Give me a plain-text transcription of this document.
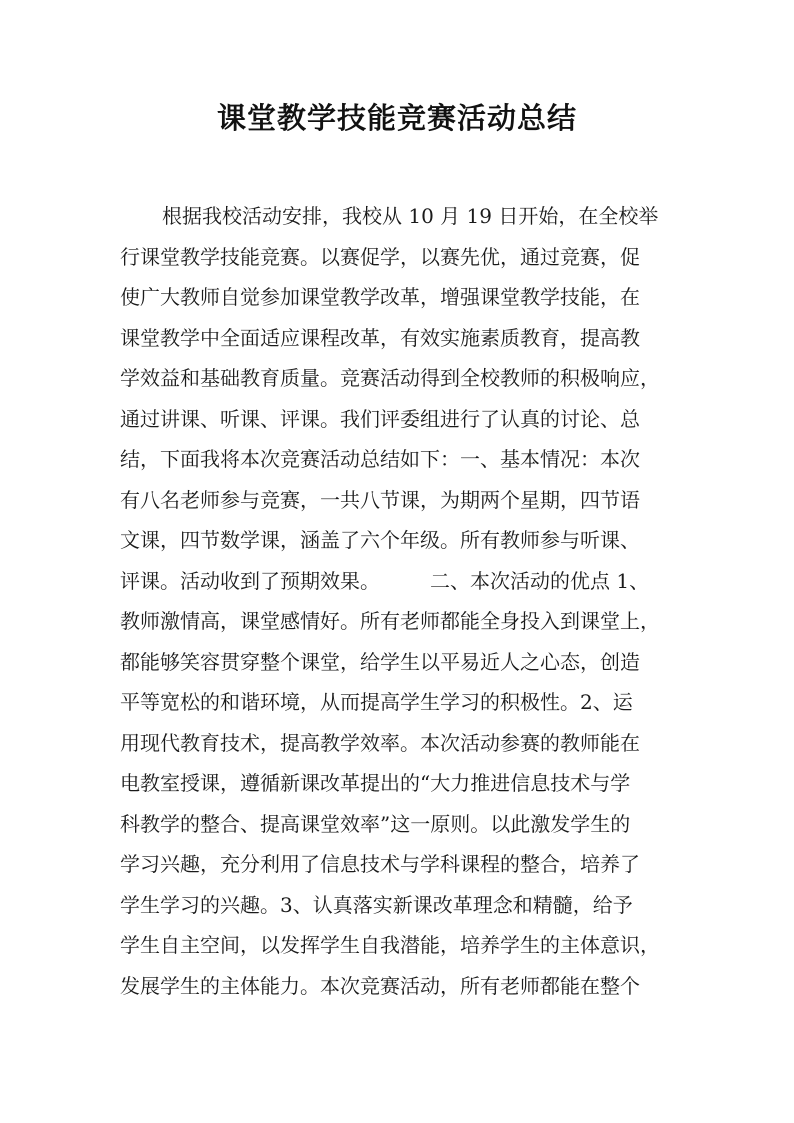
课堂教学技能竞赛活动总结
根据我校活动安排，我校从 10 月 19 日开始，在全校举
行课堂教学技能竞赛。以赛促学，以赛先优，通过竞赛，促
使广大教师自觉参加课堂教学改革，增强课堂教学技能，在
课堂教学中全面适应课程改革，有效实施素质教育，提高教
学效益和基础教育质量。竞赛活动得到全校教师的积极响应，
通过讲课、听课、评课。我们评委组进行了认真的讨论、总
结，下面我将本次竞赛活动总结如下：一、基本情况：本次
有八名老师参与竞赛，一共八节课，为期两个星期，四节语
文课，四节数学课，涵盖了六个年级。所有教师参与听课、
评课。活动收到了预期效果。　　　二、本次活动的优点 1、
教师激情高，课堂感情好。所有老师都能全身投入到课堂上，
都能够笑容贯穿整个课堂，给学生以平易近人之心态，创造
平等宽松的和谐环境，从而提高学生学习的积极性。2、运
用现代教育技术，提高教学效率。本次活动参赛的教师能在
电教室授课，遵循新课改革提出的“大力推进信息技术与学
科教学的整合、提高课堂效率”这一原则。以此激发学生的
学习兴趣，充分利用了信息技术与学科课程的整合，培养了
学生学习的兴趣。3、认真落实新课改革理念和精髓，给予
学生自主空间，以发挥学生自我潜能，培养学生的主体意识，
发展学生的主体能力。本次竞赛活动，所有老师都能在整个
